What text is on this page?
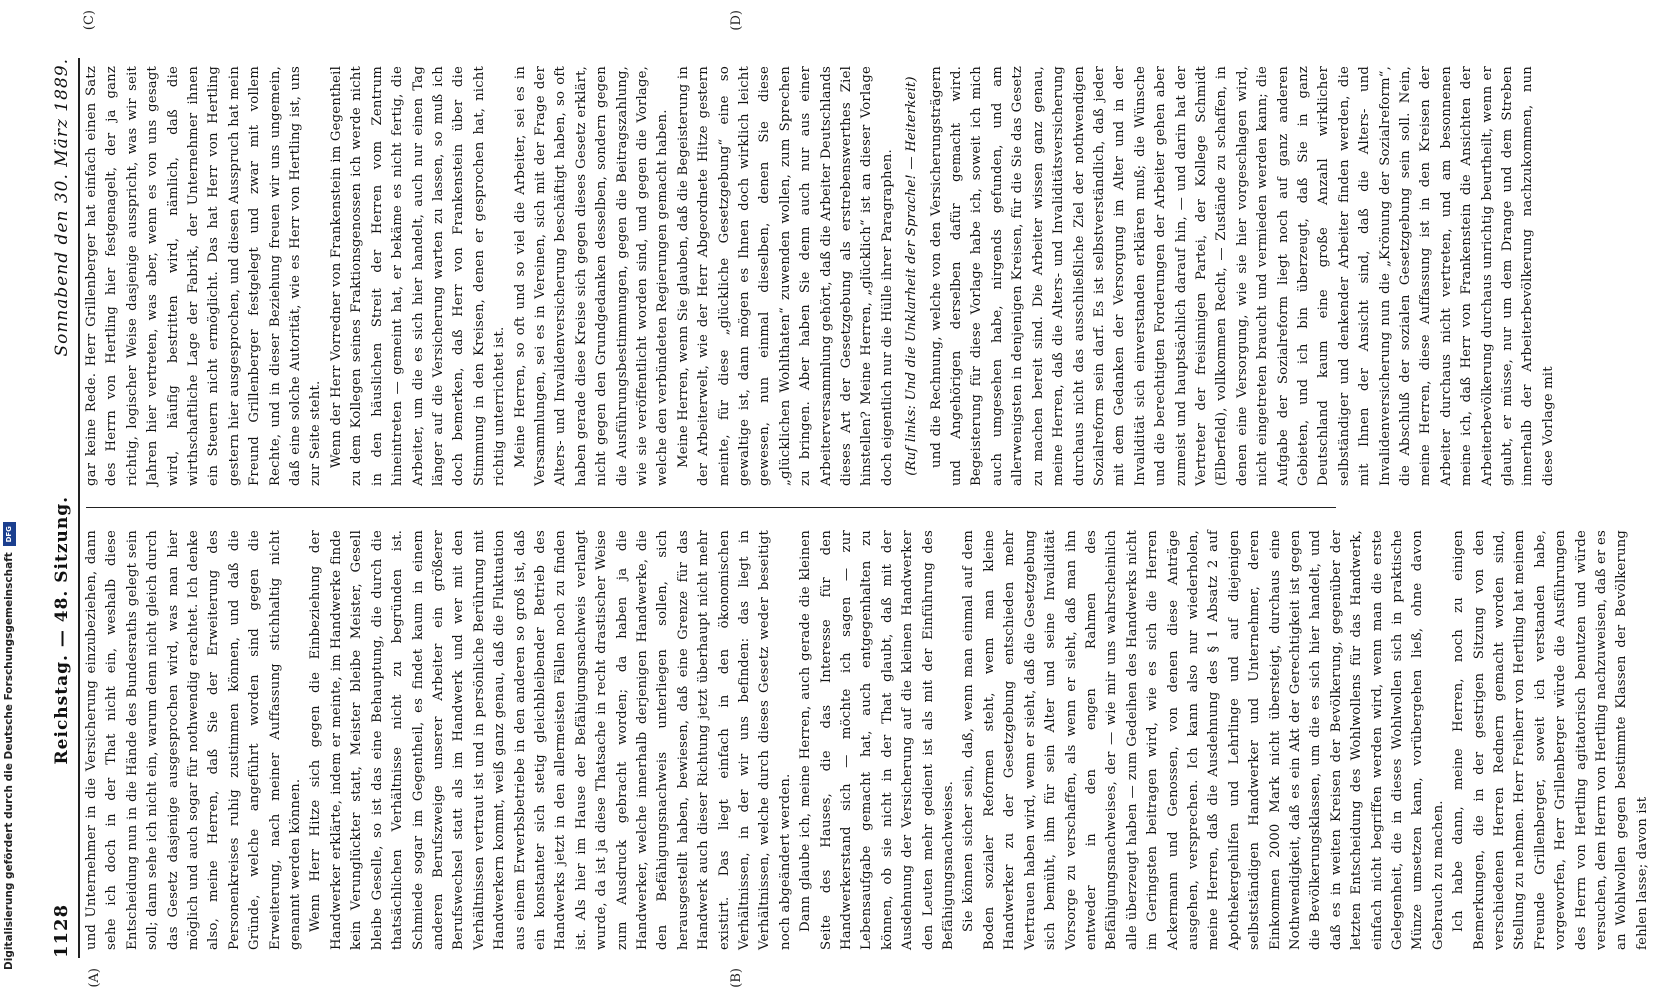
1128
Reichstag. — 48. Sitzung.
Sonnabend den 30. März 1889.

und Unternehmer in die Versicherung einzubeziehen, dann sehe ich doch in der That nicht ein, weshalb diese Entscheidung nun in die Hände des Bundesraths gelegt sein soll; dann sehe ich nicht ein, warum denn nicht gleich durch das Gesetz dasjenige ausgesprochen wird, was man hier möglich und auch sogar für nothwendig erachtet. Ich denke also, meine Herren, daß Sie der Erweiterung des Personenkreises ruhig zustimmen können, und daß die Gründe, welche angeführt worden sind gegen die Erweiterung, nach meiner Auffassung stichhaltig nicht genannt werden können. Wenn Herr Hitze sich gegen die Einbeziehung der Handwerker erklärte, indem er meinte, im Handwerke finde kein Verunglückter statt, Meister bleibe Meister, Gesell bleibe Geselle, so ist das eine Behauptung, die durch die thatsächlichen Verhältnisse nicht zu begründen ist. Schmiede sogar im Gegentheil, es findet kaum in einem anderen Berufszweige unserer Arbeiter ein größerer Berufswechsel statt als im Handwerk und wer mit den Verhältnissen vertraut ist und in persönliche Berührung mit Handwerkern kommt, weiß ganz genau, daß die Fluktuation aus einem Erwerbsbetriebe in den anderen so groß ist, daß ein konstanter sich stetig gleichbleibender Betrieb des Handwerks jetzt in den allermeisten Fällen noch zu finden ist. Als hier im Hause der Befähigungsnachweis verlangt wurde, da ist ja diese Thatsache in recht drastischer Weise zum Ausdruck gebracht worden; da haben ja die Handwerker, welche innerhalb derjenigen Handwerke, die den Befähigungsnachweis unterliegen sollen, sich herausgestellt haben, bewiesen, daß eine Grenze für das Handwerk auch dieser Richtung jetzt überhaupt nicht mehr existirt. Das liegt einfach in den ökonomischen Verhältnissen, in der wir uns befinden: das liegt in Verhältnissen, welche durch dieses Gesetz weder beseitigt noch abgeändert werden. Dann glaube ich, meine Herren, auch gerade die kleinen Seite des Hauses, die das Interesse für den Handwerkerstand sich — möchte ich sagen — zur Lebensaufgabe gemacht hat, auch entgegenhalten zu können, ob sie nicht in der That glaubt, daß mit der Ausdehnung der Versicherung auf die kleinen Handwerker den Leuten mehr gedient ist als mit der Einführung des Befähigungsnachweises. Sie können sicher sein, daß, wenn man einmal auf dem Boden sozialer Reformen steht, wenn man kleine Handwerker zu der Gesetzgebung entschieden mehr Vertrauen haben wird, wenn er sieht, daß die Gesetzgebung sich bemüht, ihm für sein Alter und seine Invalidität Vorsorge zu verschaffen, als wenn er sieht, daß man ihn entweder in den engen Rahmen des Befähigungsnachweises, der — wie mir uns wahrscheinlich alle überzeugt haben — zum Gedeihen des Handwerks nicht im Geringsten beitragen wird, wie es sich die Herren Ackermann und Genossen, von denen diese Anträge ausgehen, versprechen. Ich kann also nur wiederholen, meine Herren, daß die Ausdehnung des § 1 Absatz 2 auf Apothekergehilfen und Lehrlinge und auf diejenigen selbstständigen Handwerker und Unternehmer, deren Einkommen 2000 Mark nicht übersteigt, durchaus eine Nothwendigkeit, daß es ein Akt der Gerechtigkeit ist gegen die Bevölkerungsklassen, um die es sich hier handelt, und daß es in weiten Kreisen der Bevölkerung, gegenüber der letzten Entscheidung des Wohlwollens für das Handwerk, einfach nicht begriffen werden wird, wenn man die erste Gelegenheit, die in dieses Wohlwollen sich in praktische Münze umsetzen kann, vorübergehen ließ, ohne davon Gebrauch zu machen. Ich habe dann, meine Herren, noch zu einigen Bemerkungen, die in der gestrigen Sitzung von den verschiedenen Herren Rednern gemacht worden sind, Stellung zu nehmen. Herr Freiherr von Hertling hat meinem Freunde Grillenberger, soweit ich verstanden habe, vorgeworfen, Herr Grillenberger würde die Ausführungen des Herrn von Hertling agitatorisch benutzen und würde versuchen, dem Herrn von Hertling nachzuweisen, daß er es an Wohlwollen gegen bestimmte Klassen der Bevölkerung fehlen lasse; davon ist

gar keine Rede. Herr Grillenberger hat einfach einen Satz des Herrn von Hertling hier festgenagelt, der ja ganz richtig, logischer Weise dasjenige ausspricht, was wir seit Jahren hier vertreten, was aber, wenn es von uns gesagt wird, häufig bestritten wird, nämlich, daß die wirthschaftliche Lage der Fabrik, der Unternehmer ihnen ein Steuern nicht ermöglicht. Das hat Herr von Hertling gestern hier ausgesprochen, und diesen Ausspruch hat mein Freund Grillenberger festgelegt und zwar mit vollem Rechte, und in dieser Beziehung freuen wir uns ungemein, daß eine solche Autorität, wie es Herr von Hertling ist, uns zur Seite steht. Wenn der Herr Vorredner von Frankenstein im Gegentheil zu dem Kollegen seines Fraktionsgenossen ich werde nicht in den häuslichen Streit der Herren vom Zentrum hineintreten — gemeint hat, er bekäme es nicht fertig, die Arbeiter, um die es sich hier handelt, auch nur einen Tag länger auf die Versicherung warten zu lassen, so muß ich doch bemerken, daß Herr von Frankenstein über die Stimmung in den Kreisen, denen er gesprochen hat, nicht richtig unterrichtet ist. Meine Herren, so oft und so viel die Arbeiter, sei es in Versammlungen, sei es in Vereinen, sich mit der Frage der Alters- und Invalidenversicherung beschäftigt haben, so oft haben gerade diese Kreise sich gegen dieses Gesetz erklärt, nicht gegen den Grundgedanken desselben, sondern gegen die Ausführungsbestimmungen, gegen die Beitragszahlung, wie sie veröffentlicht worden sind, und gegen die Vorlage, welche den verbündeten Regierungen gemacht haben. Meine Herren, wenn Sie glauben, daß die Begeisterung in der Arbeiterwelt, wie der Herr Abgeordnete Hitze gestern meinte, für diese „glückliche Gesetzgebung“ eine so gewaltige ist, dann mögen es Ihnen doch wirklich leicht gewesen, nun einmal dieselben, denen Sie diese „glücklichen Wohlthaten“ zuwenden wollen, zum Sprechen zu bringen. Aber haben Sie denn auch nur aus einer Arbeiterversammlung gehört, daß die Arbeiter Deutschlands dieses Art der Gesetzgebung als erstrebenswerthes Ziel hinstellen? Meine Herren, „glücklich“ ist an dieser Vorlage doch eigentlich nur die Hülle ihrer Paragraphen. (Ruf links: Und die Unklarheit der Sprache! — Heiterkeit) und die Rechnung, welche von den Versicherungsträgern und Angehörigen derselben dafür gemacht wird. Begeisterung für diese Vorlage habe ich, soweit ich mich auch umgesehen habe, nirgends gefunden, und am allerwenigsten in denjenigen Kreisen, für die Sie das Gesetz zu machen bereit sind. Die Arbeiter wissen ganz genau, meine Herren, daß die Alters- und Invaliditätsversicherung durchaus nicht das ausschließliche Ziel der nothwendigen Sozialreform sein darf. Es ist selbstverständlich, daß jeder mit dem Gedanken der Versorgung im Alter und in der Invalidität sich einverstanden erklären muß; die Wünsche und die berechtigten Forderungen der Arbeiter gehen aber zumeist und hauptsächlich darauf hin, — und darin hat der Vertreter der freisinnigen Partei, der Kollege Schmidt (Elberfeld), vollkommen Recht, — Zustände zu schaffen, in denen eine Versorgung, wie sie hier vorgeschlagen wird, nicht eingetreten braucht und vermieden werden kann; die Aufgabe der Sozialreform liegt noch auf ganz anderen Gebieten, und ich bin überzeugt, daß Sie in ganz Deutschland kaum eine große Anzahl wirklicher selbständiger und denkender Arbeiter finden werden, die mit Ihnen der Ansicht sind, daß die Alters- und Invalidenversicherung nun die „Krönung der Sozialreform“, die Abschluß der sozialen Gesetzgebung sein soll. Nein, meine Herren, diese Auffassung ist in den Kreisen der Arbeiter durchaus nicht vertreten, und am besonnenen meine ich, daß Herr von Frankenstein die Ansichten der Arbeiterbevölkerung durchaus unrichtig beurtheilt, wenn er glaubt, er müsse, nur um dem Drange und dem Streben innerhalb der Arbeiterbevölkerung nachzukommen, nun diese Vorlage mit

(A)	(B)
(C)	(D)
Digitalisierung gefördert durch die Deutsche Forschungsgemeinschaft
DFG
